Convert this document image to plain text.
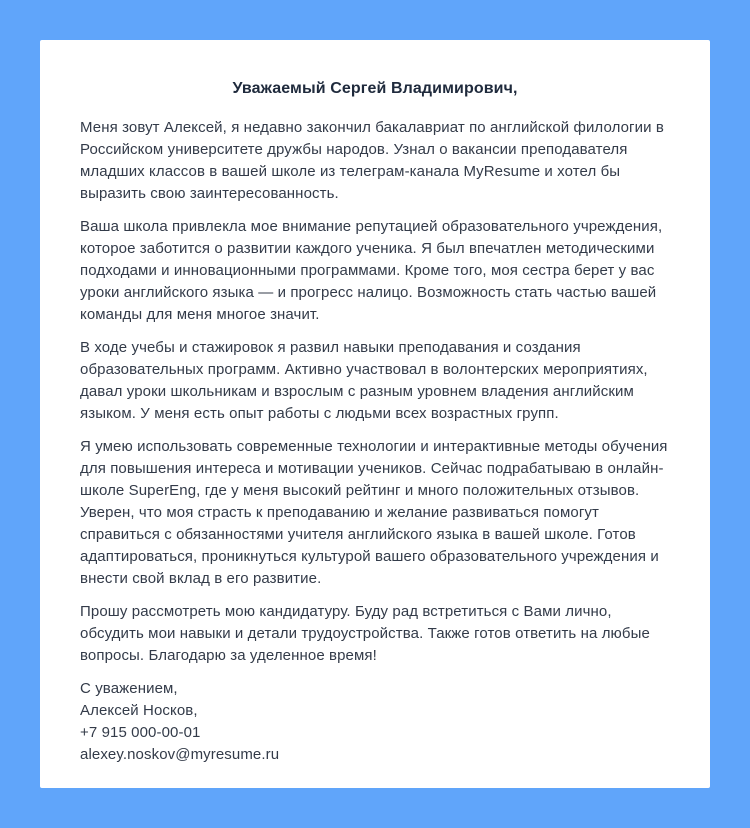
Уважаемый Сергей Владимирович,

Меня зовут Алексей, я недавно закончил бакалавриат по английской филологии в Российском университете дружбы народов. Узнал о вакансии преподавателя младших классов в вашей школе из телеграм-канала MyResume и хотел бы выразить свою заинтересованность.

Ваша школа привлекла мое внимание репутацией образовательного учреждения, которое заботится о развитии каждого ученика. Я был впечатлен методическими подходами и инновационными программами. Кроме того, моя сестра берет у вас уроки английского языка — и прогресс налицо. Возможность стать частью вашей команды для меня многое значит.

В ходе учебы и стажировок я развил навыки преподавания и создания образовательных программ. Активно участвовал в волонтерских мероприятиях, давал уроки школьникам и взрослым с разным уровнем владения английским языком. У меня есть опыт работы с людьми всех возрастных групп.

Я умею использовать современные технологии и интерактивные методы обучения для повышения интереса и мотивации учеников. Сейчас подрабатываю в онлайн-школе SuperEng, где у меня высокий рейтинг и много положительных отзывов. Уверен, что моя страсть к преподаванию и желание развиваться помогут справиться с обязанностями учителя английского языка в вашей школе. Готов адаптироваться, проникнуться культурой вашего образовательного учреждения и внести свой вклад в его развитие.

Прошу рассмотреть мою кандидатуру. Буду рад встретиться с Вами лично, обсудить мои навыки и детали трудоустройства. Также готов ответить на любые вопросы. Благодарю за уделенное время!

С уважением,
Алексей Носков,
+7 915 000-00-01
alexey.noskov@myresume.ru
